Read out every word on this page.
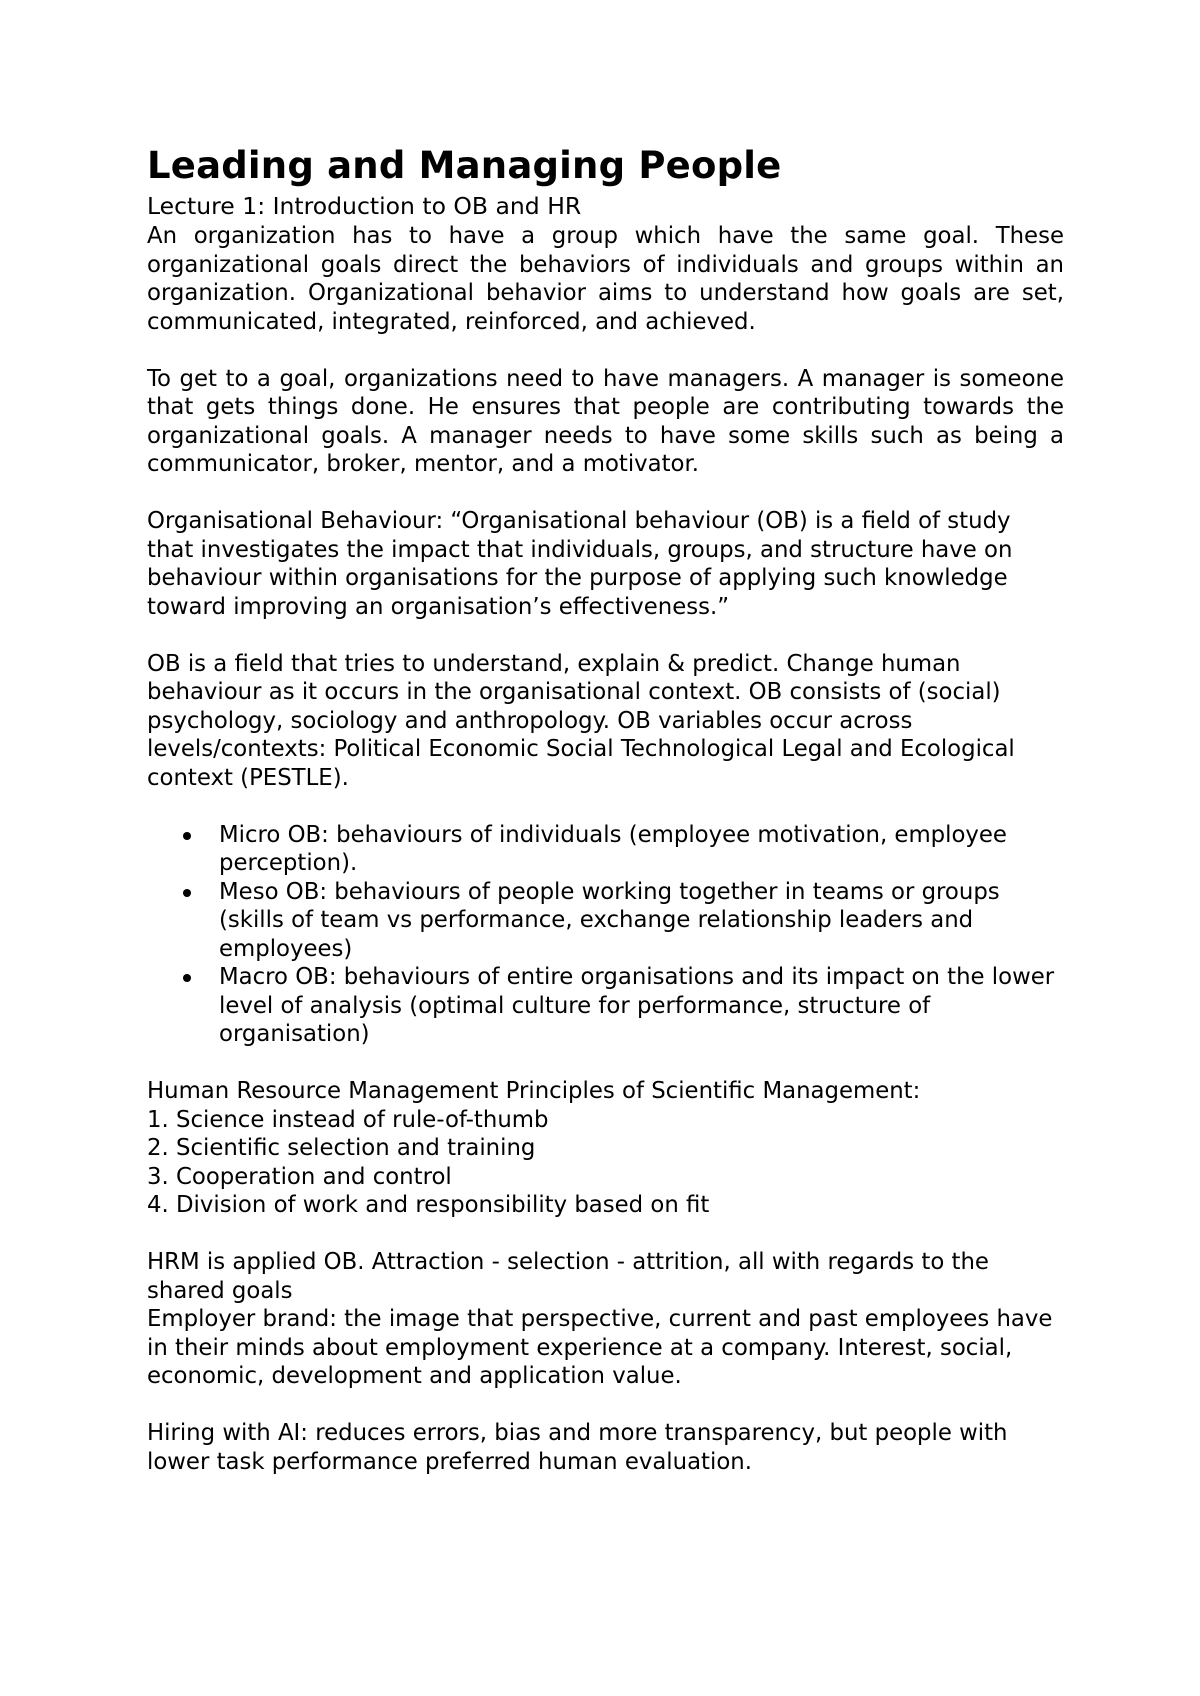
Leading and Managing People
Lecture 1: Introduction to OB and HR

An organization has to have a group which have the same goal. These organizational goals direct the behaviors of individuals and groups within an organization. Organizational behavior aims to understand how goals are set, communicated, integrated, reinforced, and achieved.

To get to a goal, organizations need to have managers. A manager is someone that gets things done. He ensures that people are contributing towards the organizational goals. A manager needs to have some skills such as being a communicator, broker, mentor, and a motivator.

Organisational Behaviour: “Organisational behaviour (OB) is a field of study that investigates the impact that individuals, groups, and structure have on behaviour within organisations for the purpose of applying such knowledge toward improving an organisation’s effectiveness.”

OB is a field that tries to understand, explain & predict. Change human behaviour as it occurs in the organisational context. OB consists of (social) psychology, sociology and anthropology. OB variables occur across levels/contexts: Political Economic Social Technological Legal and Ecological context (PESTLE).

Micro OB: behaviours of individuals (employee motivation, employee perception).
Meso OB: behaviours of people working together in teams or groups (skills of team vs performance, exchange relationship leaders and employees)
Macro OB: behaviours of entire organisations and its impact on the lower level of analysis (optimal culture for performance, structure of organisation)

Human Resource Management Principles of Scientific Management:

1. Science instead of rule-of-thumb
2. Scientific selection and training
3. Cooperation and control
4. Division of work and responsibility based on fit

HRM is applied OB. Attraction - selection - attrition, all with regards to the shared goals

Employer brand: the image that perspective, current and past employees have in their minds about employment experience at a company. Interest, social, economic, development and application value.

Hiring with AI: reduces errors, bias and more transparency, but people with lower task performance preferred human evaluation.
